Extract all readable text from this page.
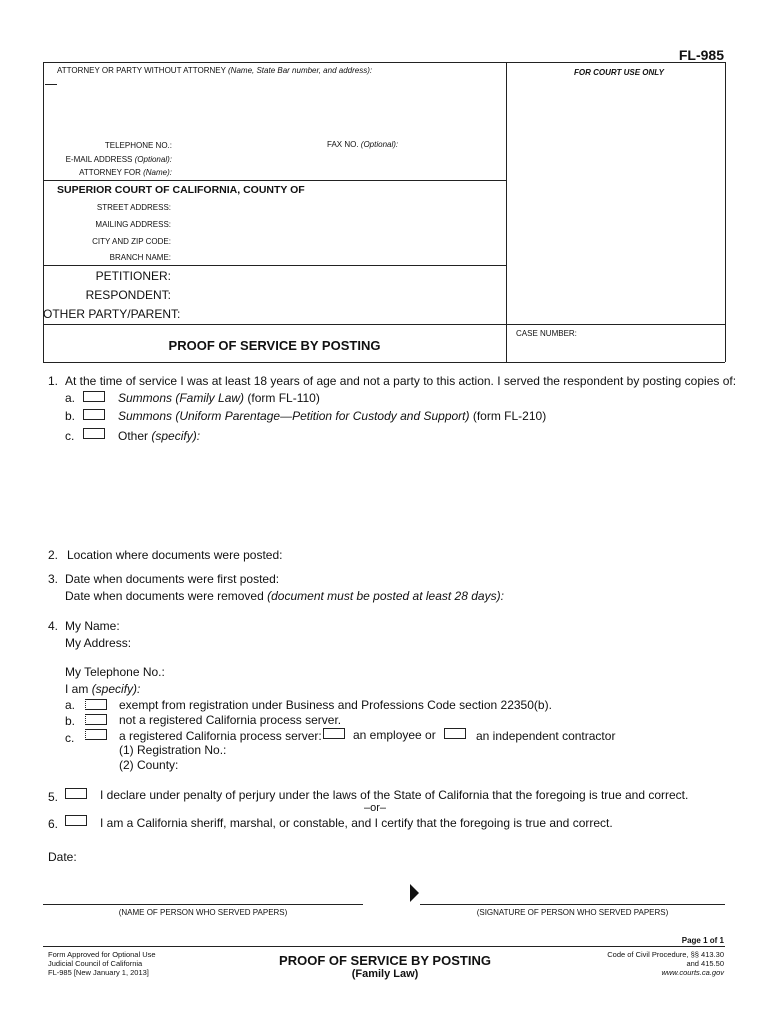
FL-985
ATTORNEY OR PARTY WITHOUT ATTORNEY (Name, State Bar number, and address):	FOR COURT USE ONLY
TELEPHONE NO.:	FAX NO. (Optional):
E-MAIL ADDRESS (Optional):
ATTORNEY FOR (Name):
SUPERIOR COURT OF CALIFORNIA, COUNTY OF
STREET ADDRESS:
MAILING ADDRESS:
CITY AND ZIP CODE:
BRANCH NAME:
PETITIONER:
RESPONDENT:
OTHER PARTY/PARENT:
PROOF OF SERVICE BY POSTING
CASE NUMBER:
1. At the time of service I was at least 18 years of age and not a party to this action. I served the respondent by posting copies of:
a.	Summons (Family Law) (form FL-110)
b.	Summons (Uniform Parentage—Petition for Custody and Support) (form FL-210)
c.	Other (specify):
2. Location where documents were posted:
3. Date when documents were first posted:
Date when documents were removed (document must be posted at least 28 days):
4. My Name:
My Address:
My Telephone No.:
I am (specify):
a.	exempt from registration under Business and Professions Code section 22350(b).
b.	not a registered California process server.
c.	a registered California process server:	an employee or	an independent contractor
(1) Registration No.:
(2) County:
5.	I declare under penalty of perjury under the laws of the State of California that the foregoing is true and correct.
–or–
6.	I am a California sheriff, marshal, or constable, and I certify that the foregoing is true and correct.
Date:
(NAME OF PERSON WHO SERVED PAPERS)	(SIGNATURE OF PERSON WHO SERVED PAPERS)
Page 1 of 1
Form Approved for Optional Use
Judicial Council of California
FL-985 [New January 1, 2013]
PROOF OF SERVICE BY POSTING
(Family Law)
Code of Civil Procedure, §§ 413.30
and 415.50
www.courts.ca.gov
